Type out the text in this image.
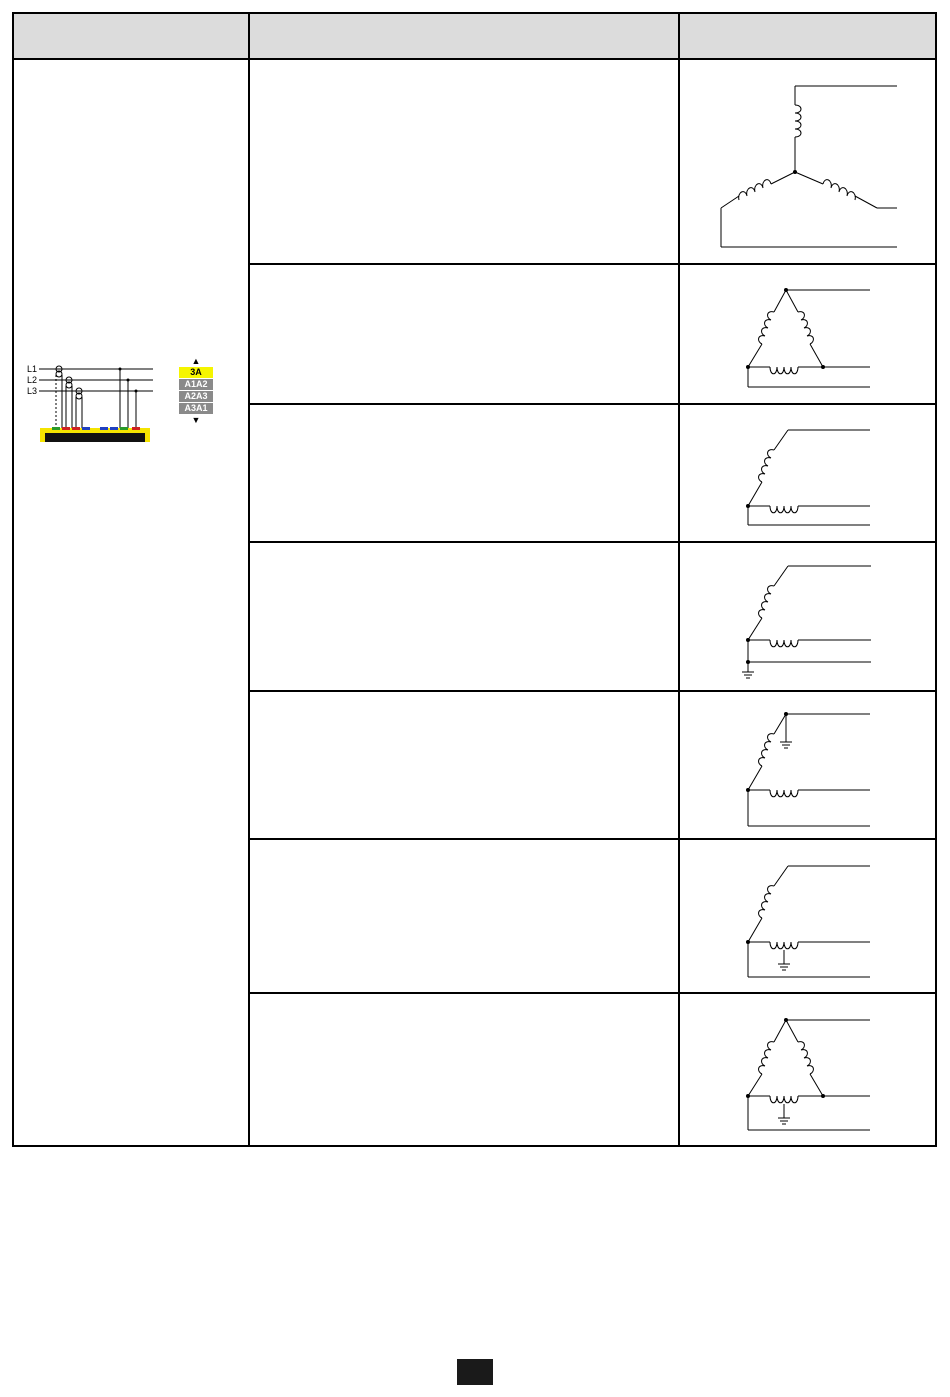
L1
L2
L3
▲
3A
A1A2
A2A3
A3A1
▼
